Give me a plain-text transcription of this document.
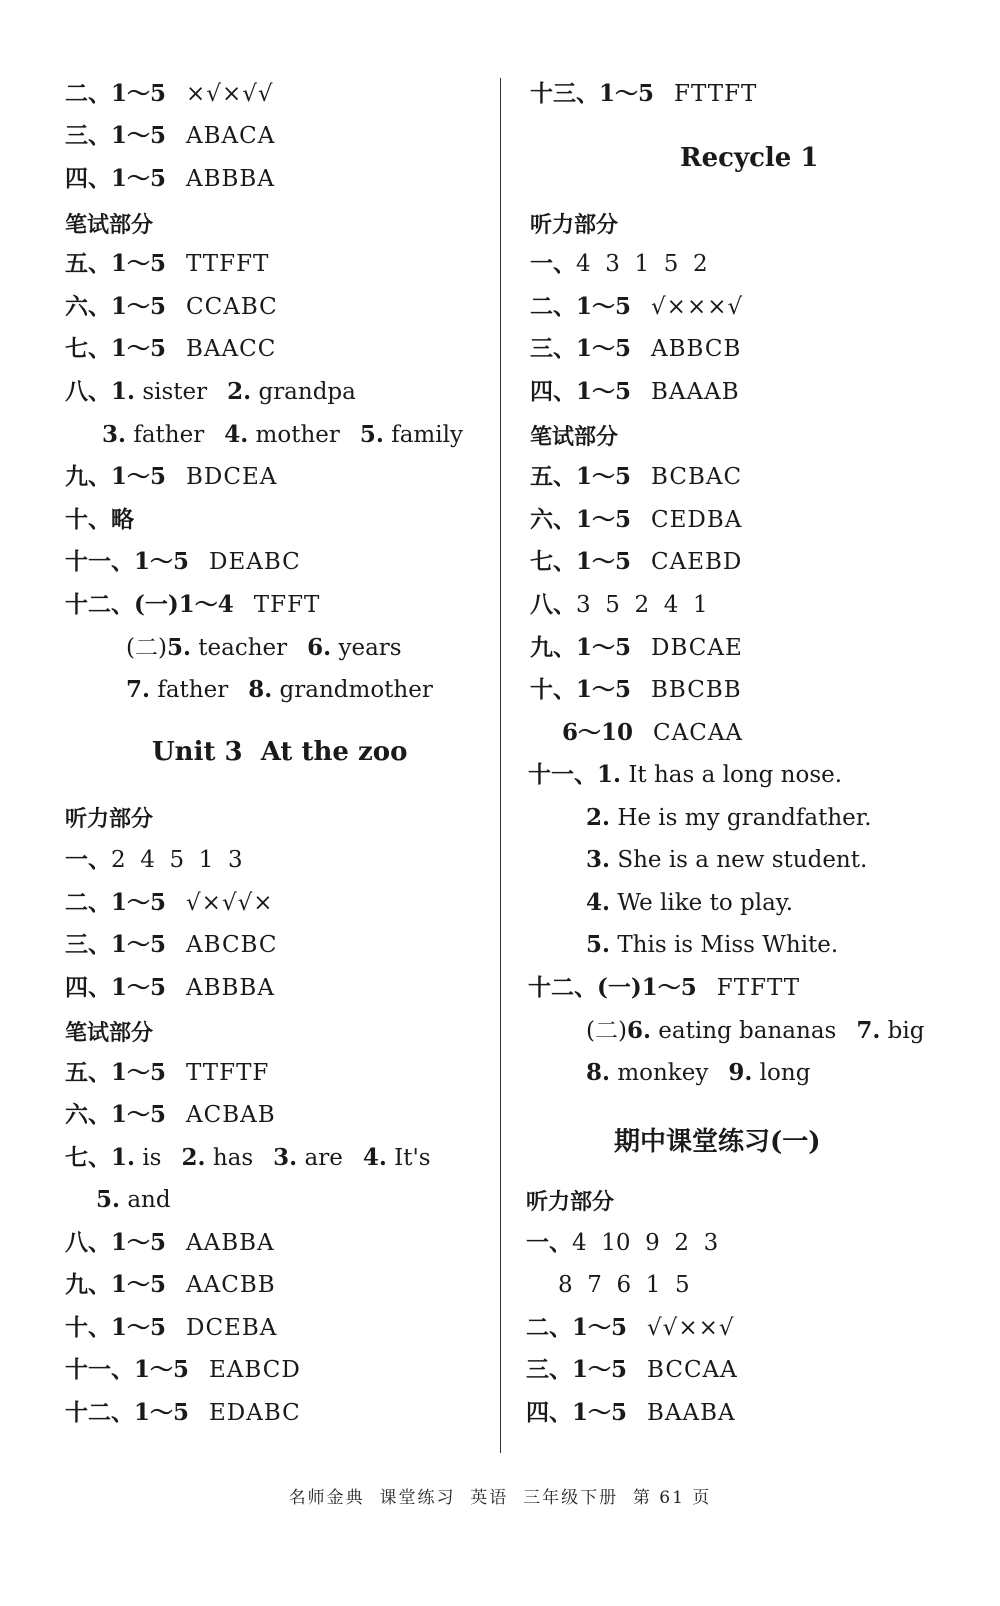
二、1～5 ×√×√√
三、1～5 ABACA
四、1～5 ABBBA
笔试部分
五、1～5 TTFFT
六、1～5 CCABC
七、1～5 BAACC
八、1. sister 2. grandpa
3. father 4. mother 5. family
九、1～5 BDCEA
十、略
十一、1～5 DEABC
十二、(一)1～4 TFFT
(二)5. teacher 6. years
7. father 8. grandmother
Unit 3  At the zoo
听力部分
一、2  4  5  1  3
二、1～5 √×√√×
三、1～5 ABCBC
四、1～5 ABBBA
笔试部分
五、1～5 TTFTF
六、1～5 ACBAB
七、1. is 2. has 3. are 4. It's
5. and
八、1～5 AABBA
九、1～5 AACBB
十、1～5 DCEBA
十一、1～5 EABCD
十二、1～5 EDABC
十三、1～5 FTTFT
Recycle 1
听力部分
一、4  3  1  5  2
二、1～5 √×××√
三、1～5 ABBCB
四、1～5 BAAAB
笔试部分
五、1～5 BCBAC
六、1～5 CEDBA
七、1～5 CAEBD
八、3  5  2  4  1
九、1～5 DBCAE
十、1～5 BBCBB
6～10 CACAA
十一、1. It has a long nose.
2. He is my grandfather.
3. She is a new student.
4. We like to play.
5. This is Miss White.
十二、(一)1～5 FTFTT
(二)6. eating bananas 7. big
8. monkey 9. long
期中课堂练习(一)
听力部分
一、4  10  9  2  3
8  7  6  1  5
二、1～5 √√××√
三、1～5 BCCAA
四、1～5 BAABA
名师金典  课堂练习  英语  三年级下册  第 61 页
